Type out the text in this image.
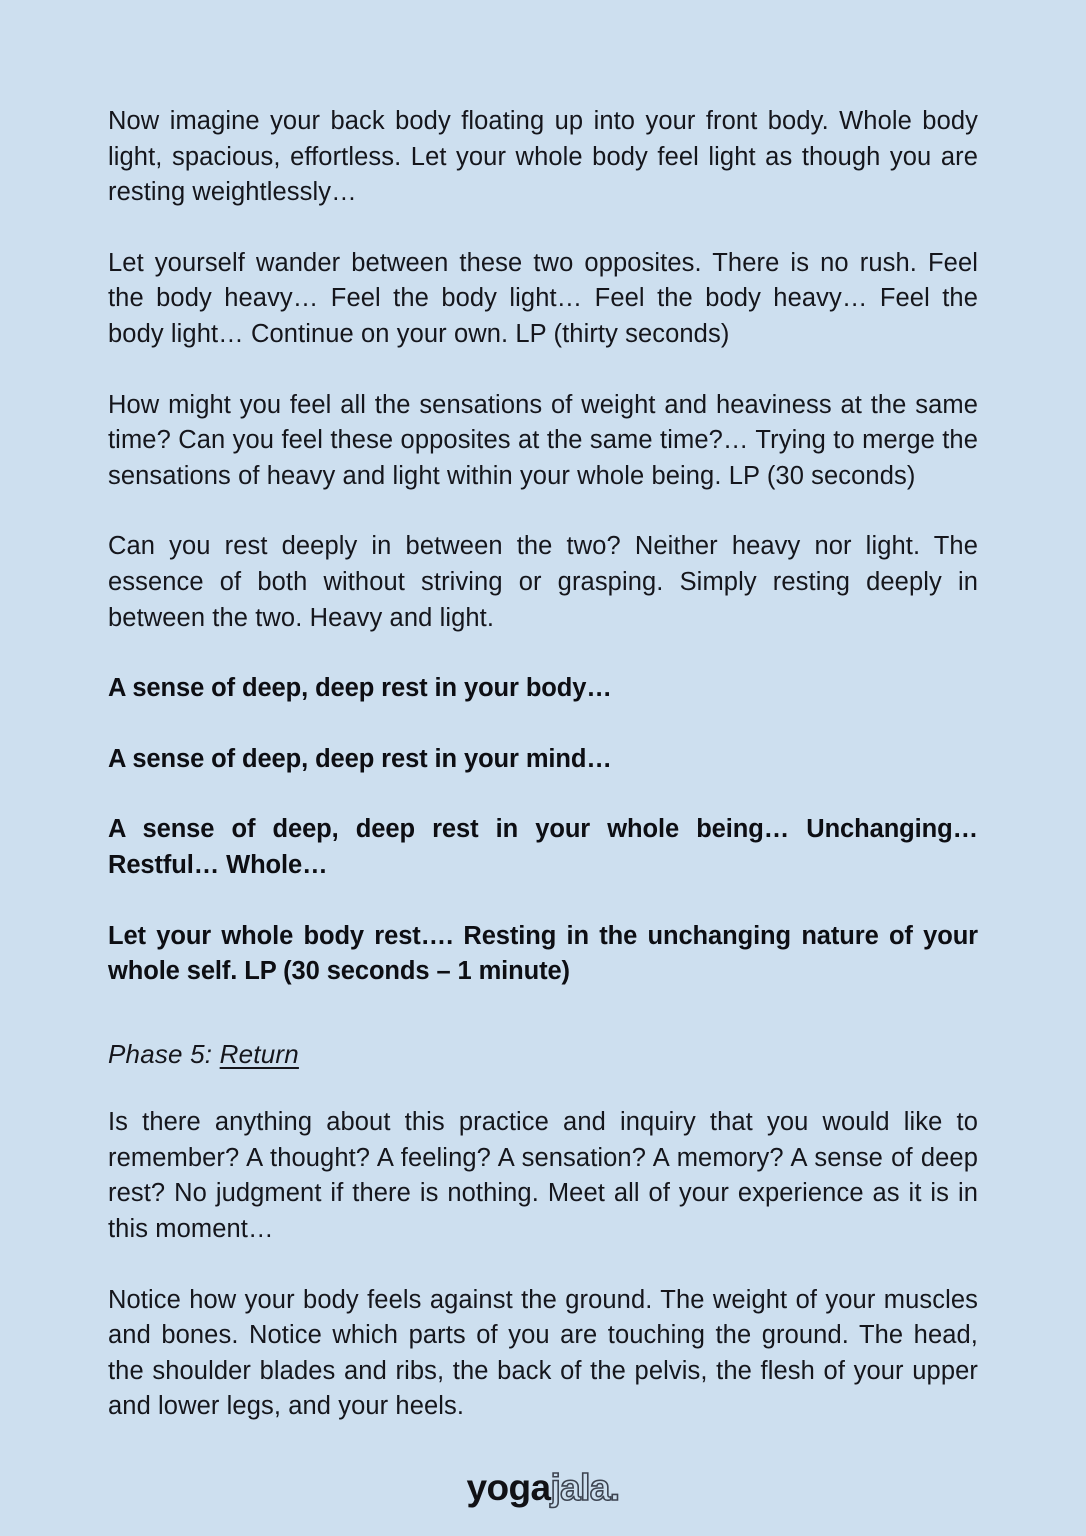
Now imagine your back body floating up into your front body. Whole body light, spacious, effortless. Let your whole body feel light as though you are resting weightlessly…

Let yourself wander between these two opposites. There is no rush. Feel the body heavy… Feel the body light… Feel the body heavy… Feel the body light… Continue on your own. LP (thirty seconds)

How might you feel all the sensations of weight and heaviness at the same time? Can you feel these opposites at the same time?… Trying to merge the sensations of heavy and light within your whole being. LP (30 seconds)

Can you rest deeply in between the two? Neither heavy nor light. The essence of both without striving or grasping. Simply resting deeply in between the two. Heavy and light.

A sense of deep, deep rest in your body…

A sense of deep, deep rest in your mind…

A sense of deep, deep rest in your whole being… Unchanging… Restful… Whole…

Let your whole body rest…. Resting in the unchanging nature of your whole self. LP (30 seconds – 1 minute)

Phase 5: Return

Is there anything about this practice and inquiry that you would like to remember? A thought? A feeling? A sensation? A memory? A sense of deep rest? No judgment if there is nothing. Meet all of your experience as it is in this moment…

Notice how your body feels against the ground. The weight of your muscles and bones. Notice which parts of you are touching the ground. The head, the shoulder blades and ribs, the back of the pelvis, the flesh of your upper and lower legs, and your heels.

yogajala.
